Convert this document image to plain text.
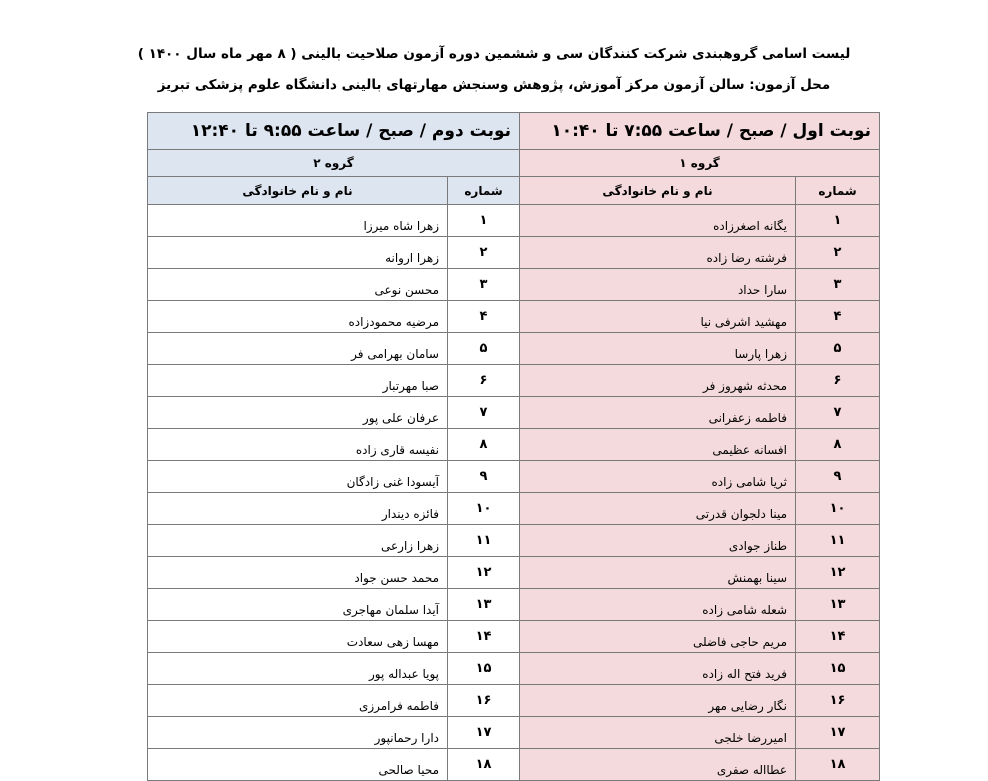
لیست اسامی گروهبندی شرکت کنندگان سی و ششمین دوره آزمون صلاحیت بالینی ( ۸ مهر ماه سال ۱۴۰۰ )
محل آزمون: سالن آزمون مرکز آموزش، پژوهش وسنجش مهارتهای بالینی دانشگاه علوم پزشکی تبریز
نوبت دوم / صبح / ساعت ۹:۵۵ تا ۱۲:۴۰		نوبت اول / صبح / ساعت ۷:۵۵ تا ۱۰:۴۰	
گروه ۲		گروه ۱	
نام و نام خانوادگی	شماره	نام و نام خانوادگی	شماره
زهرا شاه میرزا	۱	یگانه اصغرزاده	۱
زهرا اروانه	۲	فرشته رضا زاده	۲
محسن نوعی	۳	سارا حداد	۳
مرضیه محمودزاده	۴	مهشید اشرفی نیا	۴
سامان بهرامی فر	۵	زهرا پارسا	۵
صبا مهرتبار	۶	محدثه شهروز فر	۶
عرفان علی پور	۷	فاطمه زعفرانی	۷
نفیسه قاری زاده	۸	افسانه عظیمی	۸
آیسودا غنی زادگان	۹	ثریا شامی زاده	۹
فائزه دیندار	۱۰	مینا دلجوان قدرتی	۱۰
زهرا زارعی	۱۱	طناز جوادی	۱۱
محمد حسن جواد	۱۲	سینا بهمنش	۱۲
آیدا سلمان مهاجری	۱۳	شعله شامی زاده	۱۳
مهسا زهی سعادت	۱۴	مریم حاجی فاضلی	۱۴
پویا عبداله پور	۱۵	فرید فتح اله زاده	۱۵
فاطمه فرامرزی	۱۶	نگار رضایی مهر	۱۶
دارا رحمانپور	۱۷	امیررضا خلجی	۱۷
محیا صالحی	۱۸	عطااله صفری	۱۸
